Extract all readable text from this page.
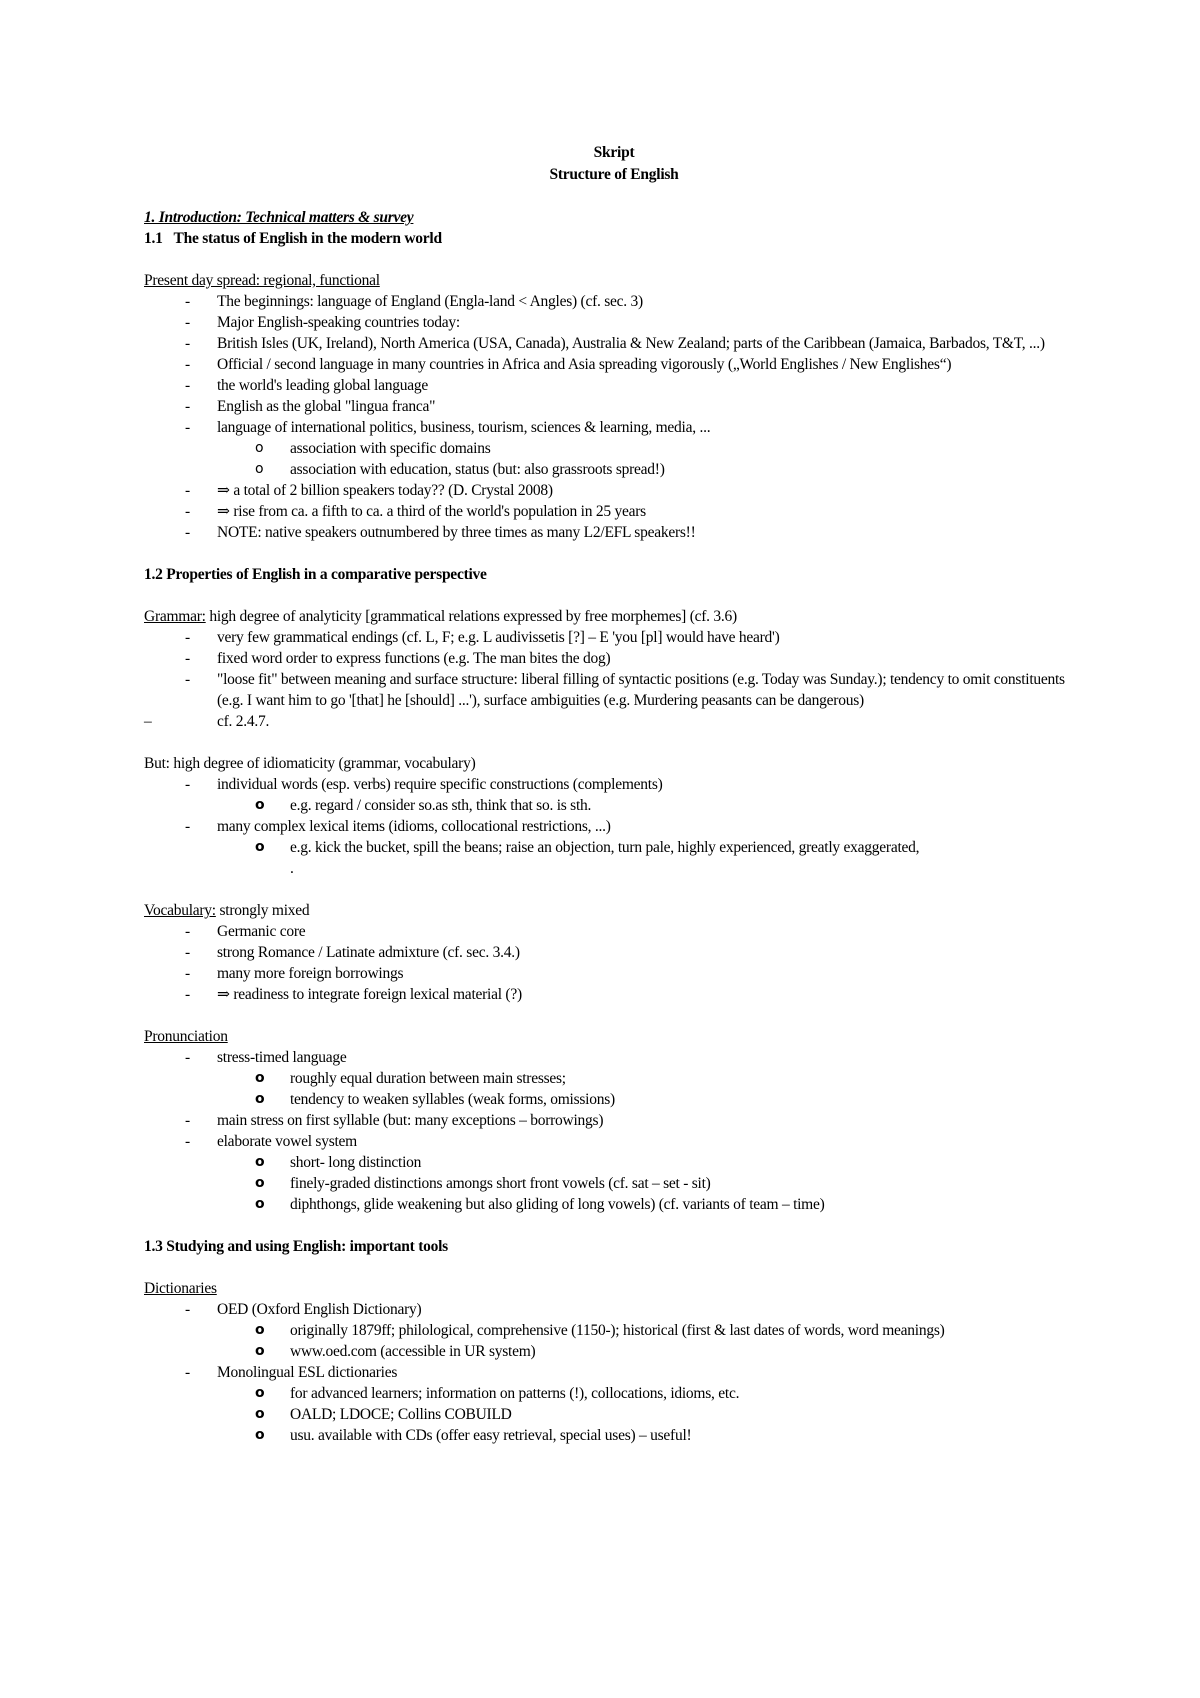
Skript
Structure of English
1. Introduction: Technical matters & survey
1.1 The status of English in the modern world
Present day spread: regional, functional
-	The beginnings: language of England (Engla-land < Angles) (cf. sec. 3)
-	Major English-speaking countries today:
-	British Isles (UK, Ireland), North America (USA, Canada), Australia & New Zealand; parts of the Caribbean (Jamaica, Barbados, T&T, ...)
-	Official / second language in many countries in Africa and Asia spreading vigorously („World Englishes / New Englishes“)
-	the world's leading global language
-	English as the global "lingua franca"
-	language of international politics, business, tourism, sciences & learning, media, ...
o	association with specific domains
o	association with education, status (but: also grassroots spread!)
-	⇒ a total of 2 billion speakers today?? (D. Crystal 2008)
-	⇒ rise from ca. a fifth to ca. a third of the world's population in 25 years
-	NOTE: native speakers outnumbered by three times as many L2/EFL speakers!!
1.2 Properties of English in a comparative perspective
Grammar: high degree of analyticity [grammatical relations expressed by free morphemes] (cf. 3.6)
-	very few grammatical endings (cf. L, F; e.g. L audivissetis [?] – E 'you [pl] would have heard')
-	fixed word order to express functions (e.g. The man bites the dog)
-	"loose fit" between meaning and surface structure: liberal filling of syntactic positions (e.g. Today was Sunday.); tendency to omit constituents (e.g. I want him to go '[that] he [should] ...'), surface ambiguities (e.g. Murdering peasants can be dangerous)
–	cf. 2.4.7.
But: high degree of idiomaticity (grammar, vocabulary)
-	individual words (esp. verbs) require specific constructions (complements)
o	e.g. regard / consider so.as sth, think that so. is sth.
-	many complex lexical items (idioms, collocational restrictions, ...)
o	e.g. kick the bucket, spill the beans; raise an objection, turn pale, highly experienced, greatly exaggerated,
.
Vocabulary: strongly mixed
-	Germanic core
-	strong Romance / Latinate admixture (cf. sec. 3.4.)
-	many more foreign borrowings
-	⇒ readiness to integrate foreign lexical material (?)
Pronunciation
-	stress-timed language
o	roughly equal duration between main stresses;
o	tendency to weaken syllables (weak forms, omissions)
-	main stress on first syllable (but: many exceptions – borrowings)
-	elaborate vowel system
o	short- long distinction
o	finely-graded distinctions amongs short front vowels (cf. sat – set - sit)
o	diphthongs, glide weakening but also gliding of long vowels) (cf. variants of team – time)
1.3 Studying and using English: important tools
Dictionaries
-	OED (Oxford English Dictionary)
o	originally 1879ff; philological, comprehensive (1150-); historical (first & last dates of words, word meanings)
o	www.oed.com (accessible in UR system)
-	Monolingual ESL dictionaries
o	for advanced learners; information on patterns (!), collocations, idioms, etc.
o	OALD; LDOCE; Collins COBUILD
o	usu. available with CDs (offer easy retrieval, special uses) – useful!
